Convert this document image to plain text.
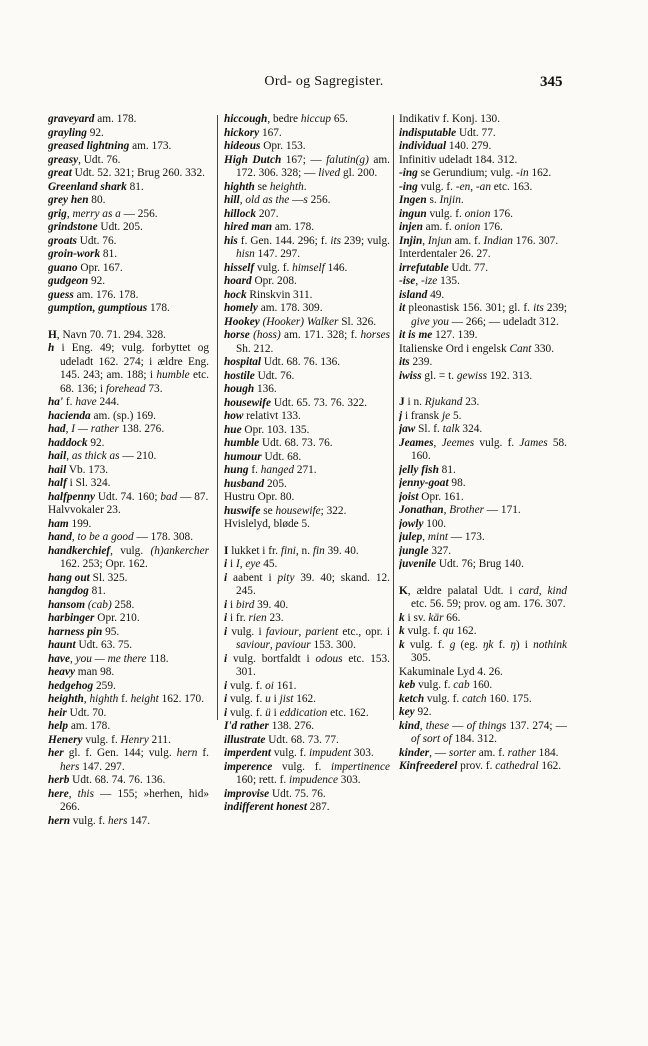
Ord- og Sagregister.	345
graveyard am. 178.
grayling 92.
greased lightning am. 173.
greasy, Udt. 76.
great Udt. 52. 321; Brug 260. 332.
Greenland shark 81.
grey hen 80.
grig, merry as a — 256.
grindstone Udt. 205.
groats Udt. 76.
groin-work 81.
guano Opr. 167.
gudgeon 92.
guess am. 176. 178.
gumption, gumptious 178.
H, Navn 70. 71. 294. 328.
h i Eng. 49; vulg. forbyttet og udeladt 162. 274; i ældre Eng. 145. 243; am. 188; i humble etc. 68. 136; i forehead 73.
ha' f. have 244.
hacienda am. (sp.) 169.
had, I — rather 138. 276.
haddock 92.
hail, as thick as — 210.
hail Vb. 173.
half i Sl. 324.
halfpenny Udt. 74. 160; bad — 87.
Halvvokaler 23.
ham 199.
hand, to be a good — 178. 308.
handkerchief, vulg. (h)ankercher 162. 253; Opr. 162.
hang out Sl. 325.
hangdog 81.
hansom (cab) 258.
harbinger Opr. 210.
harness pin 95.
haunt Udt. 63. 75.
have, you — me there 118.
heavy man 98.
hedgehog 259.
heighth, highth f. height 162. 170.
heir Udt. 70.
help am. 178.
Henery vulg. f. Henry 211.
her gl. f. Gen. 144; vulg. hern f. hers 147. 297.
herb Udt. 68. 74. 76. 136.
here, this — 155; »herhen, hid» 266.
hern vulg. f. hers 147.
hiccough, bedre hiccup 65.
hickory 167.
hideous Opr. 153.
High Dutch 167; — falutin(g) am. 172. 306. 328; — lived gl. 200.
highth se heighth.
hill, old as the —s 256.
hillock 207.
hired man am. 178.
his f. Gen. 144. 296; f. its 239; vulg. hisn 147. 297.
hisself vulg. f. himself 146.
hoard Opr. 208.
hock Rinskvin 311.
homely am. 178. 309.
Hookey (Hooker) Walker Sl. 326.
horse (hoss) am. 171. 328; f. horses Sh. 212.
hospital Udt. 68. 76. 136.
hostile Udt. 76.
hough 136.
housewife Udt. 65. 73. 76. 322.
how relativt 133.
hue Opr. 103. 135.
humble Udt. 68. 73. 76.
humour Udt. 68.
hung f. hanged 271.
husband 205.
Hustru Opr. 80.
huswife se housewife; 322.
Hvislelyd, bløde 5.
I lukket i fr. fini, n. fin 39. 40.
i i I, eye 45.
i aabent i pity 39. 40; skand. 12. 245.
i i bird 39. 40.
i i fr. rien 23.
i vulg. i faviour, parient etc., opr. i saviour, paviour 153. 300.
i vulg. bortfaldt i odous etc. 153. 301.
i vulg. f. oi 161.
i vulg. f. u i jist 162.
i vulg. f. ü i eddication etc. 162.
I'd rather 138. 276.
illustrate Udt. 68. 73. 77.
imperdent vulg. f. impudent 303.
imperence vulg. f. impertinence 160; rett. f. impudence 303.
improvise Udt. 75. 76.
indifferent honest 287.
Indikativ f. Konj. 130.
indisputable Udt. 77.
individual 140. 279.
Infinitiv udeladt 184. 312.
-ing se Gerundium; vulg. -in 162.
-ing vulg. f. -en, -an etc. 163.
Ingen s. Injin.
ingun vulg. f. onion 176.
injen am. f. onion 176.
Injin, Injun am. f. Indian 176. 307.
Interdentaler 26. 27.
irrefutable Udt. 77.
-ise, -ize 135.
island 49.
it pleonastisk 156. 301; gl. f. its 239; give you — 266; — udeladt 312.
it is me 127. 139.
Italienske Ord i engelsk Cant 330.
its 239.
iwiss gl. = t. gewiss 192. 313.
J i n. Rjukand 23.
j i fransk je 5.
jaw Sl. f. talk 324.
Jeames, Jeemes vulg. f. James 58. 160.
jelly fish 81.
jenny-goat 98.
joist Opr. 161.
Jonathan, Brother — 171.
jowly 100.
julep, mint — 173.
jungle 327.
juvenile Udt. 76; Brug 140.
K, ældre palatal Udt. i card, kind etc. 56. 59; prov. og am. 176. 307.
k i sv. kär 66.
k vulg. f. qu 162.
k vulg. f. g (eg. ŋk f. ŋ) i nothink 305.
Kakuminale Lyd 4. 26.
keb vulg. f. cab 160.
ketch vulg. f. catch 160. 175.
key 92.
kind, these — of things 137. 274; — of sort of 184. 312.
kinder, — sorter am. f. rather 184.
Kinfreederel prov. f. cathedral 162.
